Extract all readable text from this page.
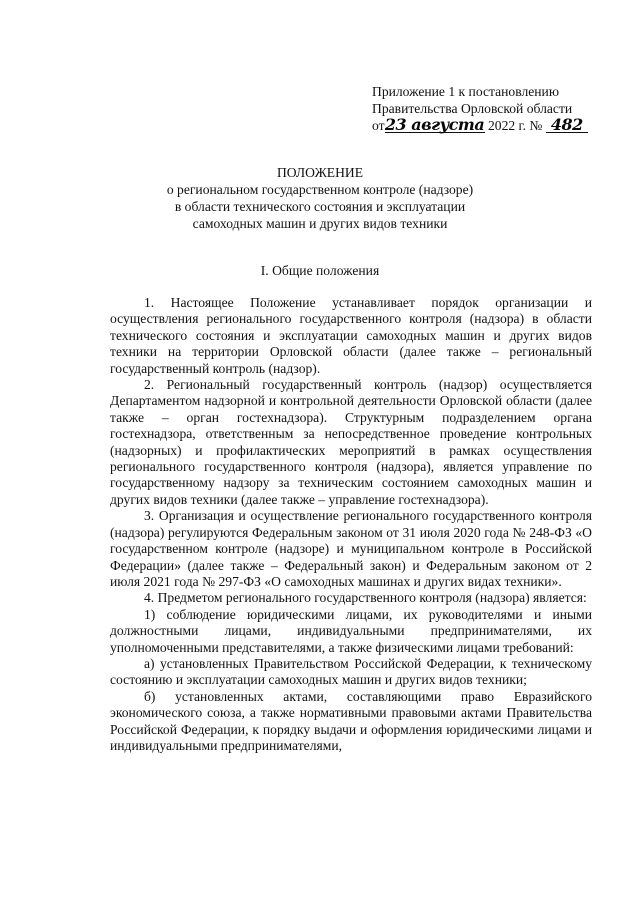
Приложение 1 к постановлению
Правительства Орловской области
от23 августа 2022 г. № 482
ПОЛОЖЕНИЕ
о региональном государственном контроле (надзоре)
в области технического состояния и эксплуатации
самоходных машин и других видов техники
I. Общие положения

1. Настоящее Положение устанавливает порядок организации и осуществления регионального государственного контроля (надзора) в области технического состояния и эксплуатации самоходных машин и других видов техники на территории Орловской области (далее также – региональный государственный контроль (надзор).

2. Региональный государственный контроль (надзор) осуществляется Департаментом надзорной и контрольной деятельности Орловской области (далее также – орган гостехнадзора). Структурным подразделением органа гостехнадзора, ответственным за непосредственное проведение контрольных (надзорных) и профилактических мероприятий в рамках осуществления регионального государственного контроля (надзора), является управление по государственному надзору за техническим состоянием самоходных машин и других видов техники (далее также – управление гостехнадзора).

3. Организация и осуществление регионального государственного контроля (надзора) регулируются Федеральным законом от 31 июля 2020 года № 248-ФЗ «О государственном контроле (надзоре) и муниципальном контроле в Российской Федерации» (далее также – Федеральный закон) и Федеральным законом от 2 июля 2021 года № 297-ФЗ «О самоходных машинах и других видах техники».

4. Предметом регионального государственного контроля (надзора) является:

1) соблюдение юридическими лицами, их руководителями и иными должностными лицами, индивидуальными предпринимателями, их уполномоченными представителями, а также физическими лицами требований:

а) установленных Правительством Российской Федерации, к техническому состоянию и эксплуатации самоходных машин и других видов техники;

б) установленных актами, составляющими право Евразийского экономического союза, а также нормативными правовыми актами Правительства Российской Федерации, к порядку выдачи и оформления юридическими лицами и индивидуальными предпринимателями,
